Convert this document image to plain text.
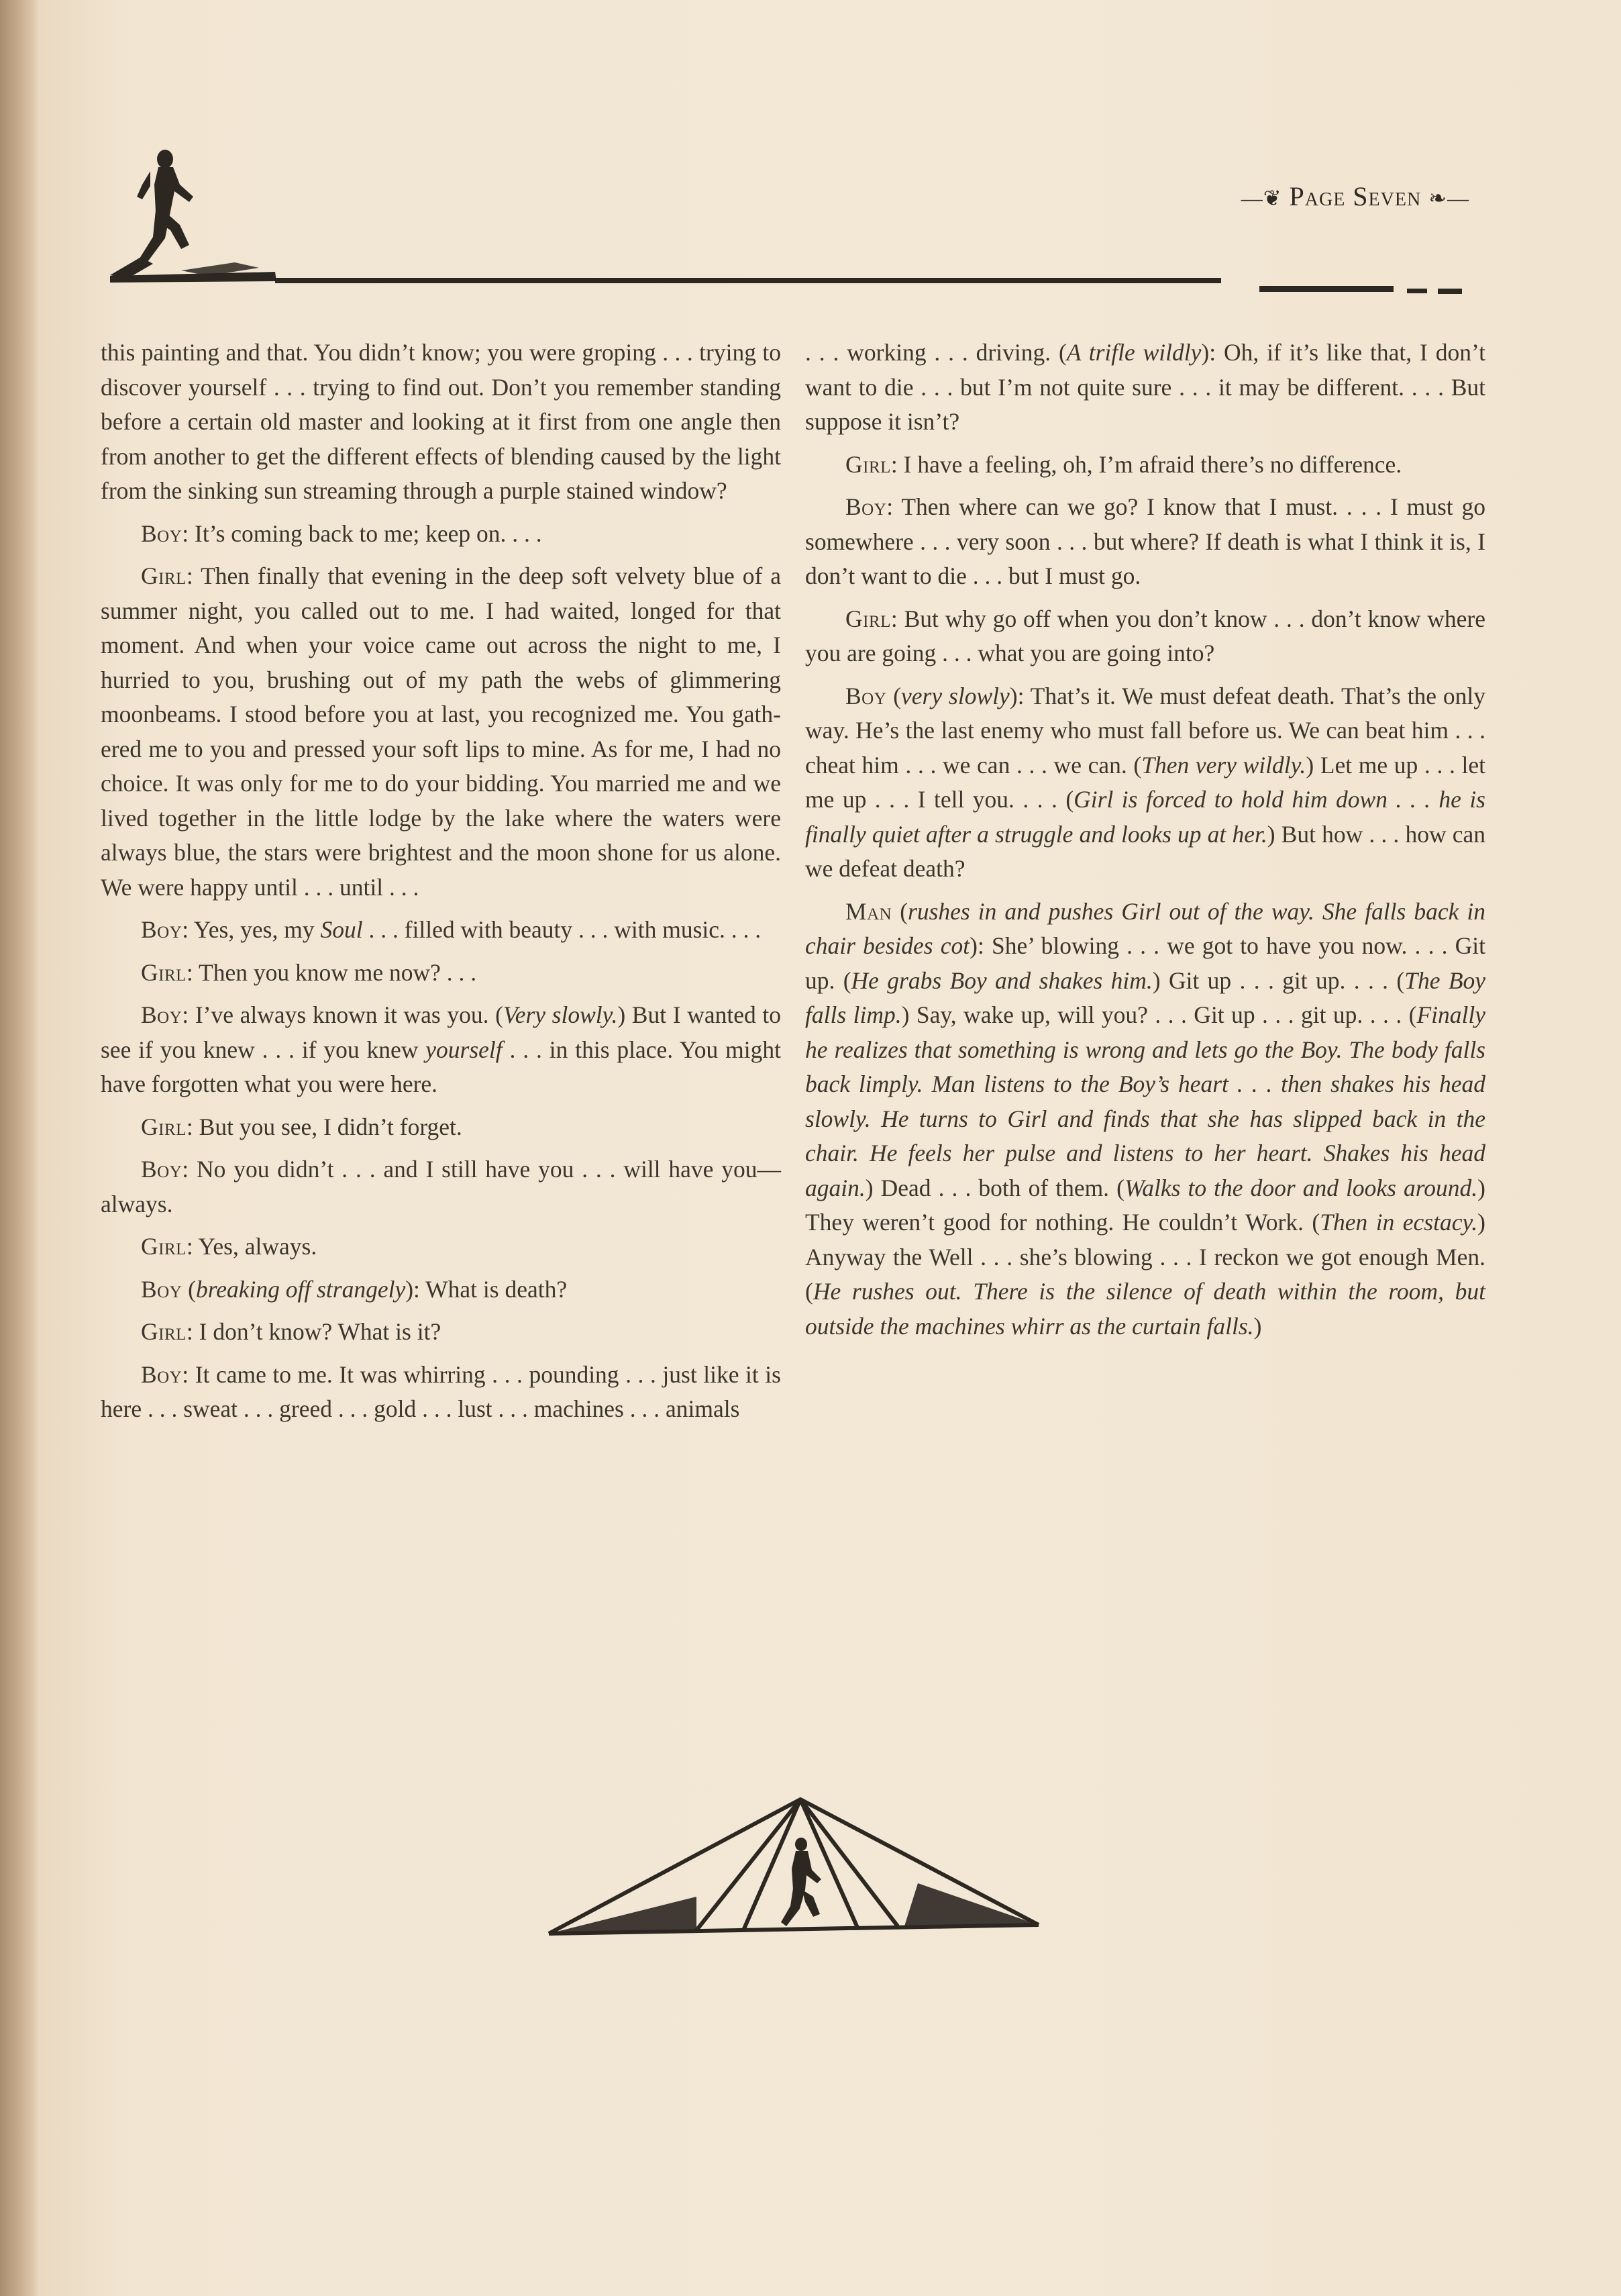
—❦ Page Seven ❧—

this painting and that. You didn’t know; you were groping . . . trying to discover yourself . . . trying to find out. Don’t you remember standing before a certain old master and looking at it first from one angle then from another to get the different effects of blending caused by the light from the sinking sun streaming through a purple stained window?

Boy: It’s coming back to me; keep on. . . .

Girl: Then finally that evening in the deep soft velvety blue of a summer night, you called out to me. I had waited, longed for that moment. And when your voice came out across the night to me, I hurried to you, brushing out of my path the webs of glimmering moonbeams. I stood before you at last, you recognized me. You gathered me to you and pressed your soft lips to mine. As for me, I had no choice. It was only for me to do your bidding. You married me and we lived together in the little lodge by the lake where the waters were always blue, the stars were brightest and the moon shone for us alone. We were happy until . . . until . . .

Boy: Yes, yes, my Soul . . . filled with beauty . . . with music. . . .

Girl: Then you know me now? . . .

Boy: I’ve always known it was you. (Very slowly.) But I wanted to see if you knew . . . if you knew yourself . . . in this place. You might have forgotten what you were here.

Girl: But you see, I didn’t forget.

Boy: No you didn’t . . . and I still have you . . . will have you—always.

Girl: Yes, always.

Boy (breaking off strangely): What is death?

Girl: I don’t know? What is it?

Boy: It came to me. It was whirring . . . pounding . . . just like it is here . . . sweat . . . greed . . . gold . . . lust . . . machines . . . animals

. . . working . . . driving. (A trifle wildly): Oh, if it’s like that, I don’t want to die . . . but I’m not quite sure . . . it may be different. . . . But suppose it isn’t?

Girl: I have a feeling, oh, I’m afraid there’s no difference.

Boy: Then where can we go? I know that I must. . . . I must go somewhere . . . very soon . . . but where? If death is what I think it is, I don’t want to die . . . but I must go.

Girl: But why go off when you don’t know . . . don’t know where you are going . . . what you are going into?

Boy (very slowly): That’s it. We must defeat death. That’s the only way. He’s the last enemy who must fall before us. We can beat him . . . cheat him . . . we can . . . we can. (Then very wildly.) Let me up . . . let me up . . . I tell you. . . . (Girl is forced to hold him down . . . he is finally quiet after a struggle and looks up at her.) But how . . . how can we defeat death?

Man (rushes in and pushes Girl out of the way. She falls back in chair besides cot): She’ blowing . . . we got to have you now. . . . Git up. (He grabs Boy and shakes him.) Git up . . . git up. . . . (The Boy falls limp.) Say, wake up, will you? . . . Git up . . . git up. . . . (Finally he realizes that something is wrong and lets go the Boy. The body falls back limply. Man listens to the Boy’s heart . . . then shakes his head slowly. He turns to Girl and finds that she has slipped back in the chair. He feels her pulse and listens to her heart. Shakes his head again.) Dead . . . both of them. (Walks to the door and looks around.) They weren’t good for nothing. He couldn’t Work. (Then in ecstacy.) Anyway the Well . . . she’s blowing . . . I reckon we got enough Men. (He rushes out. There is the silence of death within the room, but outside the machines whirr as the curtain falls.)
